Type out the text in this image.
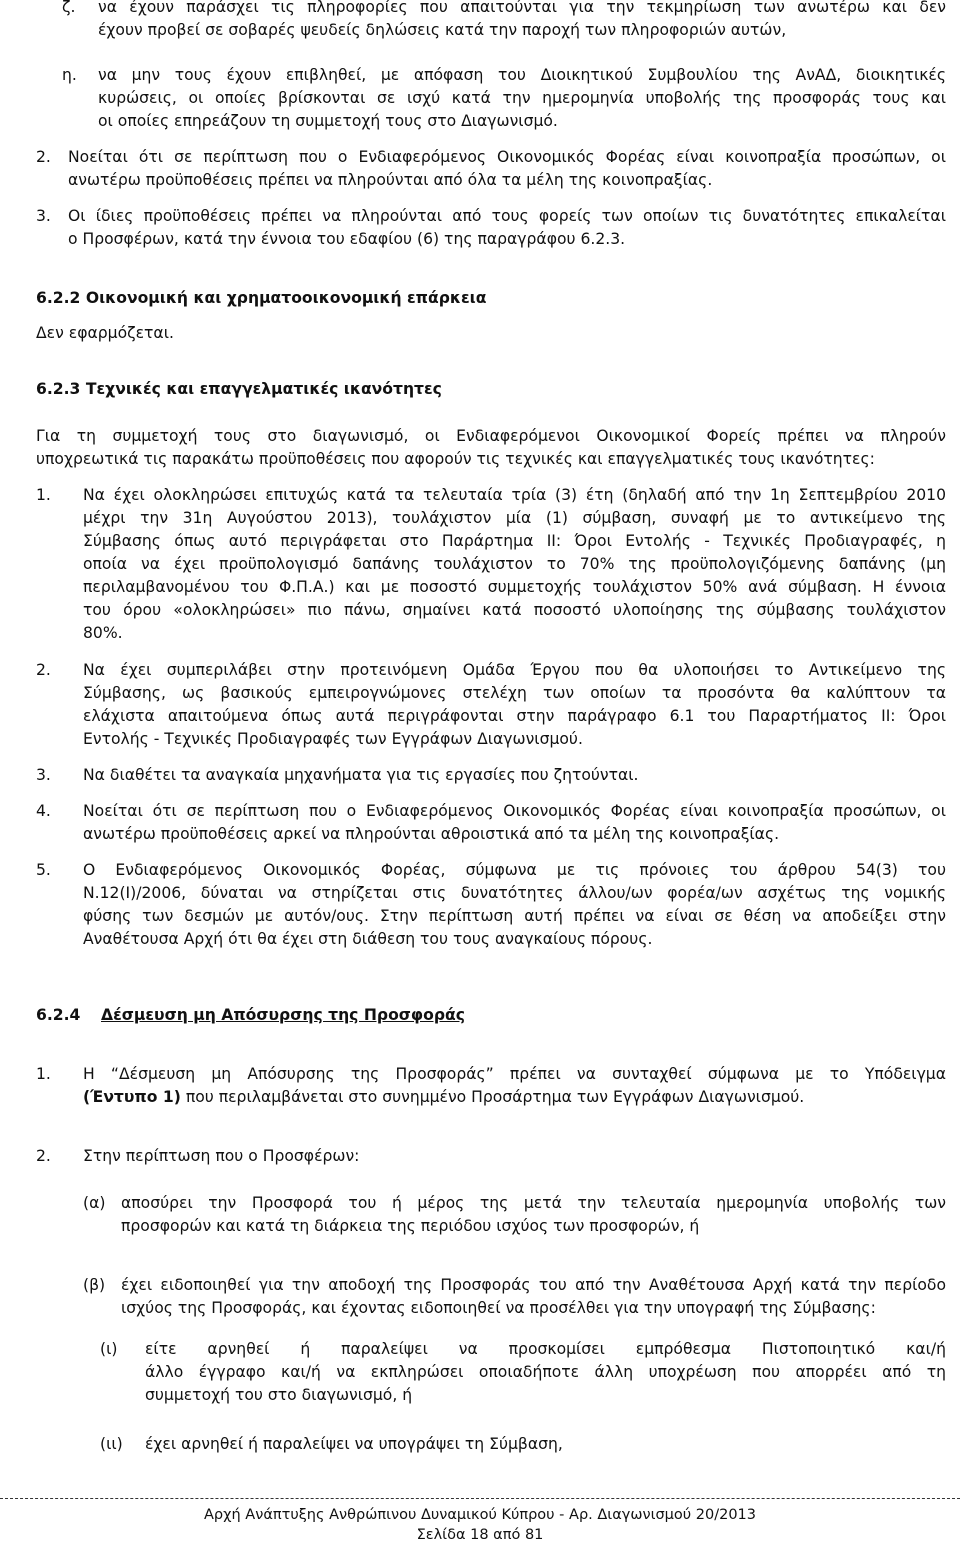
ζ. να έχουν παράσχει τις πληροφορίες που απαιτούνται για την τεκμηρίωση των ανωτέρω και δεν
έχουν προβεί σε σοβαρές ψευδείς δηλώσεις κατά την παροχή των πληροφοριών αυτών,
η. να μην τους έχουν επιβληθεί, με απόφαση του Διοικητικού Συμβουλίου της ΑνΑΔ, διοικητικές
κυρώσεις, οι οποίες βρίσκονται σε ισχύ κατά την ημερομηνία υποβολής της προσφοράς τους και
οι οποίες επηρεάζουν τη συμμετοχή τους στο Διαγωνισμό.
2. Νοείται ότι σε περίπτωση που ο Ενδιαφερόμενος Οικονομικός Φορέας είναι κοινοπραξία προσώπων, οι
ανωτέρω προϋποθέσεις πρέπει να πληρούνται από όλα τα μέλη της κοινοπραξίας.
3. Οι ίδιες προϋποθέσεις πρέπει να πληρούνται από τους φορείς των οποίων τις δυνατότητες επικαλείται
ο Προσφέρων, κατά την έννοια του εδαφίου (6) της παραγράφου 6.2.3.
6.2.2 Οικονομική και χρηματοοικονομική επάρκεια
Δεν εφαρμόζεται.
6.2.3 Τεχνικές και επαγγελματικές ικανότητες
Για τη συμμετοχή τους στο διαγωνισμό, οι Ενδιαφερόμενοι Οικονομικοί Φορείς πρέπει να πληρούν
υποχρεωτικά τις παρακάτω προϋποθέσεις που αφορούν τις τεχνικές και επαγγελματικές τους ικανότητες:
1. Να έχει ολοκληρώσει επιτυχώς κατά τα τελευταία τρία (3) έτη (δηλαδή από την 1η Σεπτεμβρίου 2010
μέχρι την 31η Αυγούστου 2013), τουλάχιστον μία (1) σύμβαση, συναφή με το αντικείμενο της
Σύμβασης όπως αυτό περιγράφεται στο Παράρτημα ΙΙ: Όροι Εντολής - Τεχνικές Προδιαγραφές, η
οποία να έχει προϋπολογισμό δαπάνης τουλάχιστον το 70% της προϋπολογιζόμενης δαπάνης (μη
περιλαμβανομένου του Φ.Π.Α.) και με ποσοστό συμμετοχής τουλάχιστον 50% ανά σύμβαση. Η έννοια
του όρου «ολοκληρώσει» πιο πάνω, σημαίνει κατά ποσοστό υλοποίησης της σύμβασης τουλάχιστον
80%.
2. Να έχει συμπεριλάβει στην προτεινόμενη Ομάδα Έργου που θα υλοποιήσει το Αντικείμενο της
Σύμβασης, ως βασικούς εμπειρογνώμονες στελέχη των οποίων τα προσόντα θα καλύπτουν τα
ελάχιστα απαιτούμενα όπως αυτά περιγράφονται στην παράγραφο 6.1 του Παραρτήματος ΙΙ: Όροι
Εντολής - Τεχνικές Προδιαγραφές των Εγγράφων Διαγωνισμού.
3. Να διαθέτει τα αναγκαία μηχανήματα για τις εργασίες που ζητούνται.
4. Νοείται ότι σε περίπτωση που ο Ενδιαφερόμενος Οικονομικός Φορέας είναι κοινοπραξία προσώπων, οι
ανωτέρω προϋποθέσεις αρκεί να πληρούνται αθροιστικά από τα μέλη της κοινοπραξίας.
5. Ο Ενδιαφερόμενος Οικονομικός Φορέας, σύμφωνα με τις πρόνοιες του άρθρου 54(3) του
Ν.12(Ι)/2006, δύναται να στηρίζεται στις δυνατότητες άλλου/ων φορέα/ων ασχέτως της νομικής
φύσης των δεσμών με αυτόν/ους. Στην περίπτωση αυτή πρέπει να είναι σε θέση να αποδείξει στην
Αναθέτουσα Αρχή ότι θα έχει στη διάθεση του τους αναγκαίους πόρους.
6.2.4 Δέσμευση μη Απόσυρσης της Προσφοράς
1. Η “Δέσμευση μη Απόσυρσης της Προσφοράς” πρέπει να συνταχθεί σύμφωνα με το Υπόδειγμα
(Έντυπο 1) που περιλαμβάνεται στο συνημμένο Προσάρτημα των Εγγράφων Διαγωνισμού.
2. Στην περίπτωση που ο Προσφέρων:
(α) αποσύρει την Προσφορά του ή μέρος της μετά την τελευταία ημερομηνία υποβολής των
προσφορών και κατά τη διάρκεια της περιόδου ισχύος των προσφορών, ή
(β) έχει ειδοποιηθεί για την αποδοχή της Προσφοράς του από την Αναθέτουσα Αρχή κατά την περίοδο
ισχύος της Προσφοράς, και έχοντας ειδοποιηθεί να προσέλθει για την υπογραφή της Σύμβασης:
(ι) είτε αρνηθεί ή παραλείψει να προσκομίσει εμπρόθεσμα Πιστοποιητικό και/ή
άλλο έγγραφο και/ή να εκπληρώσει οποιαδήποτε άλλη υποχρέωση που απορρέει από τη
συμμετοχή του στο διαγωνισμό, ή
(ιι) έχει αρνηθεί ή παραλείψει να υπογράψει τη Σύμβαση,
Αρχή Ανάπτυξης Ανθρώπινου Δυναμικού Κύπρου - Αρ. Διαγωνισμού 20/2013
Σελίδα 18 από 81
